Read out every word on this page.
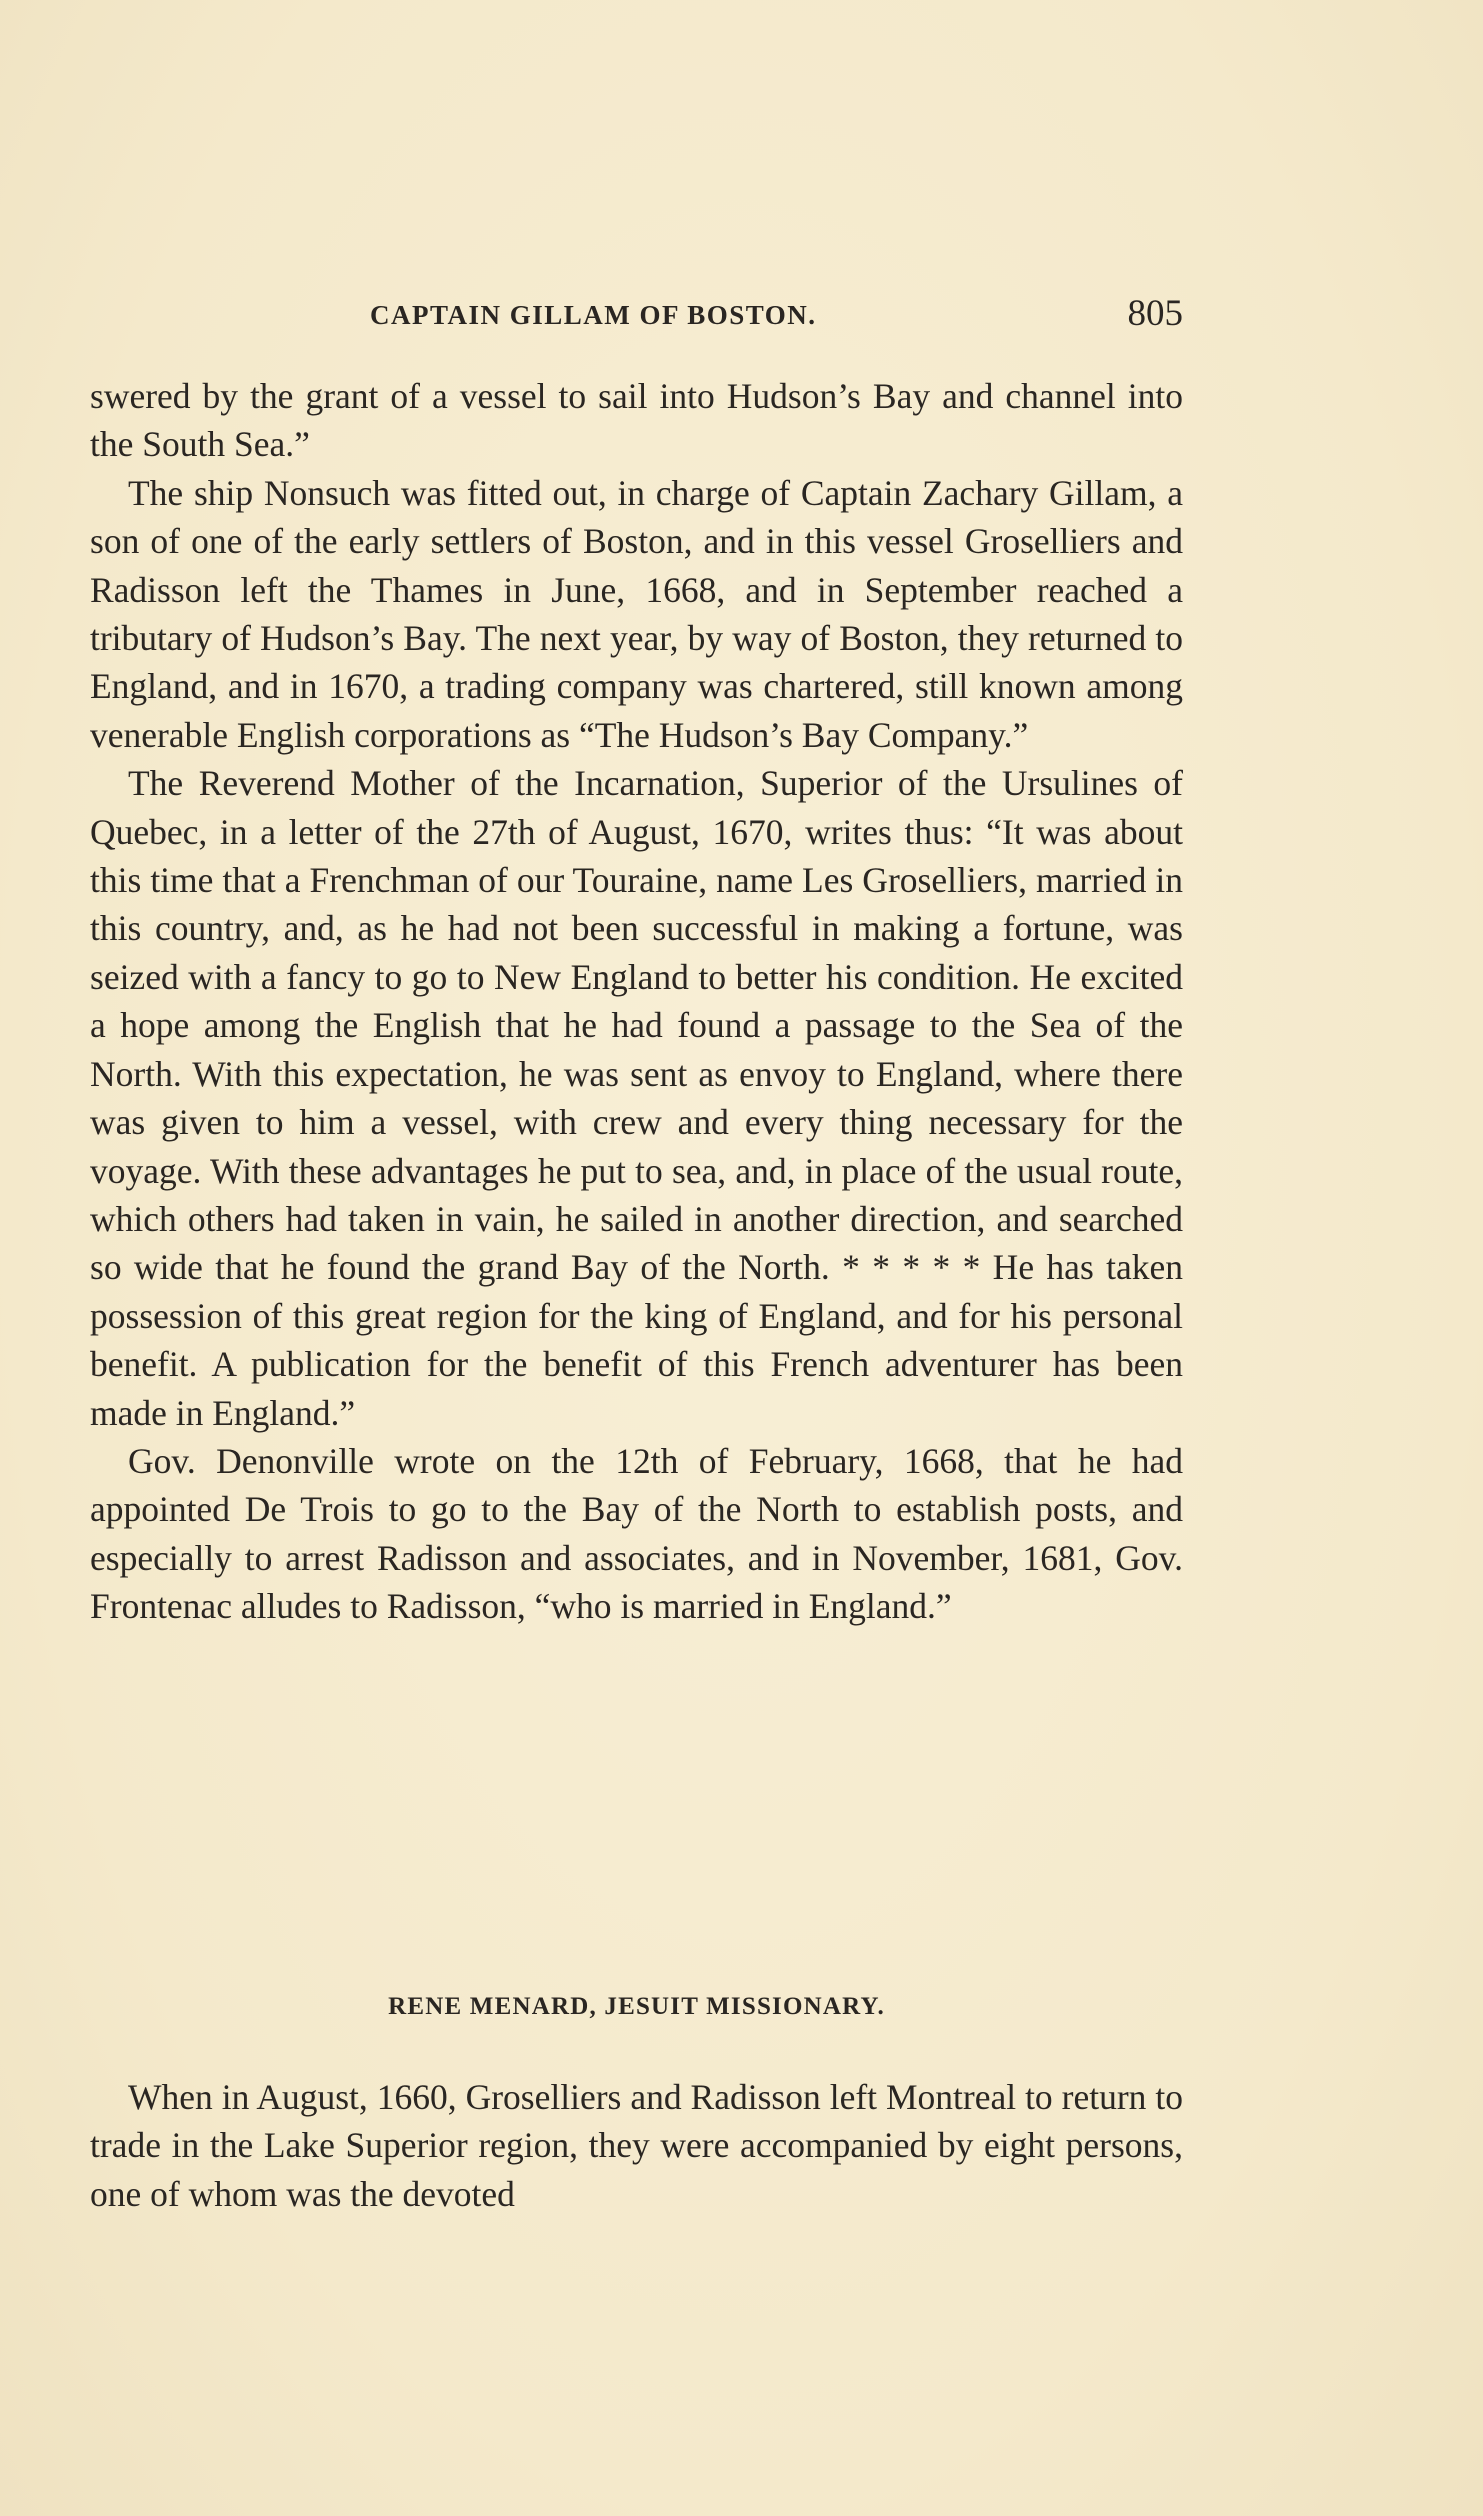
CAPTAIN GILLAM OF BOSTON.	805

swered by the grant of a vessel to sail into Hudson’s Bay and channel into the South Sea.”

The ship Nonsuch was fitted out, in charge of Captain Zachary Gillam, a son of one of the early settlers of Boston, and in this vessel Groselliers and Radisson left the Thames in June, 1668, and in September reached a tributary of Hudson’s Bay. The next year, by way of Boston, they returned to England, and in 1670, a trading company was chartered, still known among venerable English corporations as “The Hudson’s Bay Company.”

The Reverend Mother of the Incarnation, Superior of the Ursulines of Quebec, in a letter of the 27th of August, 1670, writes thus: “It was about this time that a Frenchman of our Touraine, name Les Groselliers, married in this country, and, as he had not been successful in making a fortune, was seized with a fancy to go to New England to better his condition. He excited a hope among the English that he had found a passage to the Sea of the North. With this expectation, he was sent as envoy to England, where there was given to him a vessel, with crew and every thing necessary for the voyage. With these advantages he put to sea, and, in place of the usual route, which others had taken in vain, he sailed in another direction, and searched so wide that he found the grand Bay of the North. * * * * * He has taken possession of this great region for the king of England, and for his personal benefit. A publication for the benefit of this French adventurer has been made in England.”

Gov. Denonville wrote on the 12th of February, 1668, that he had appointed De Trois to go to the Bay of the North to establish posts, and especially to arrest Radisson and associates, and in November, 1681, Gov. Frontenac alludes to Radisson, “who is married in England.”

RENE MENARD, JESUIT MISSIONARY.

When in August, 1660, Groselliers and Radisson left Montreal to return to trade in the Lake Superior region, they were accompanied by eight persons, one of whom was the devoted
